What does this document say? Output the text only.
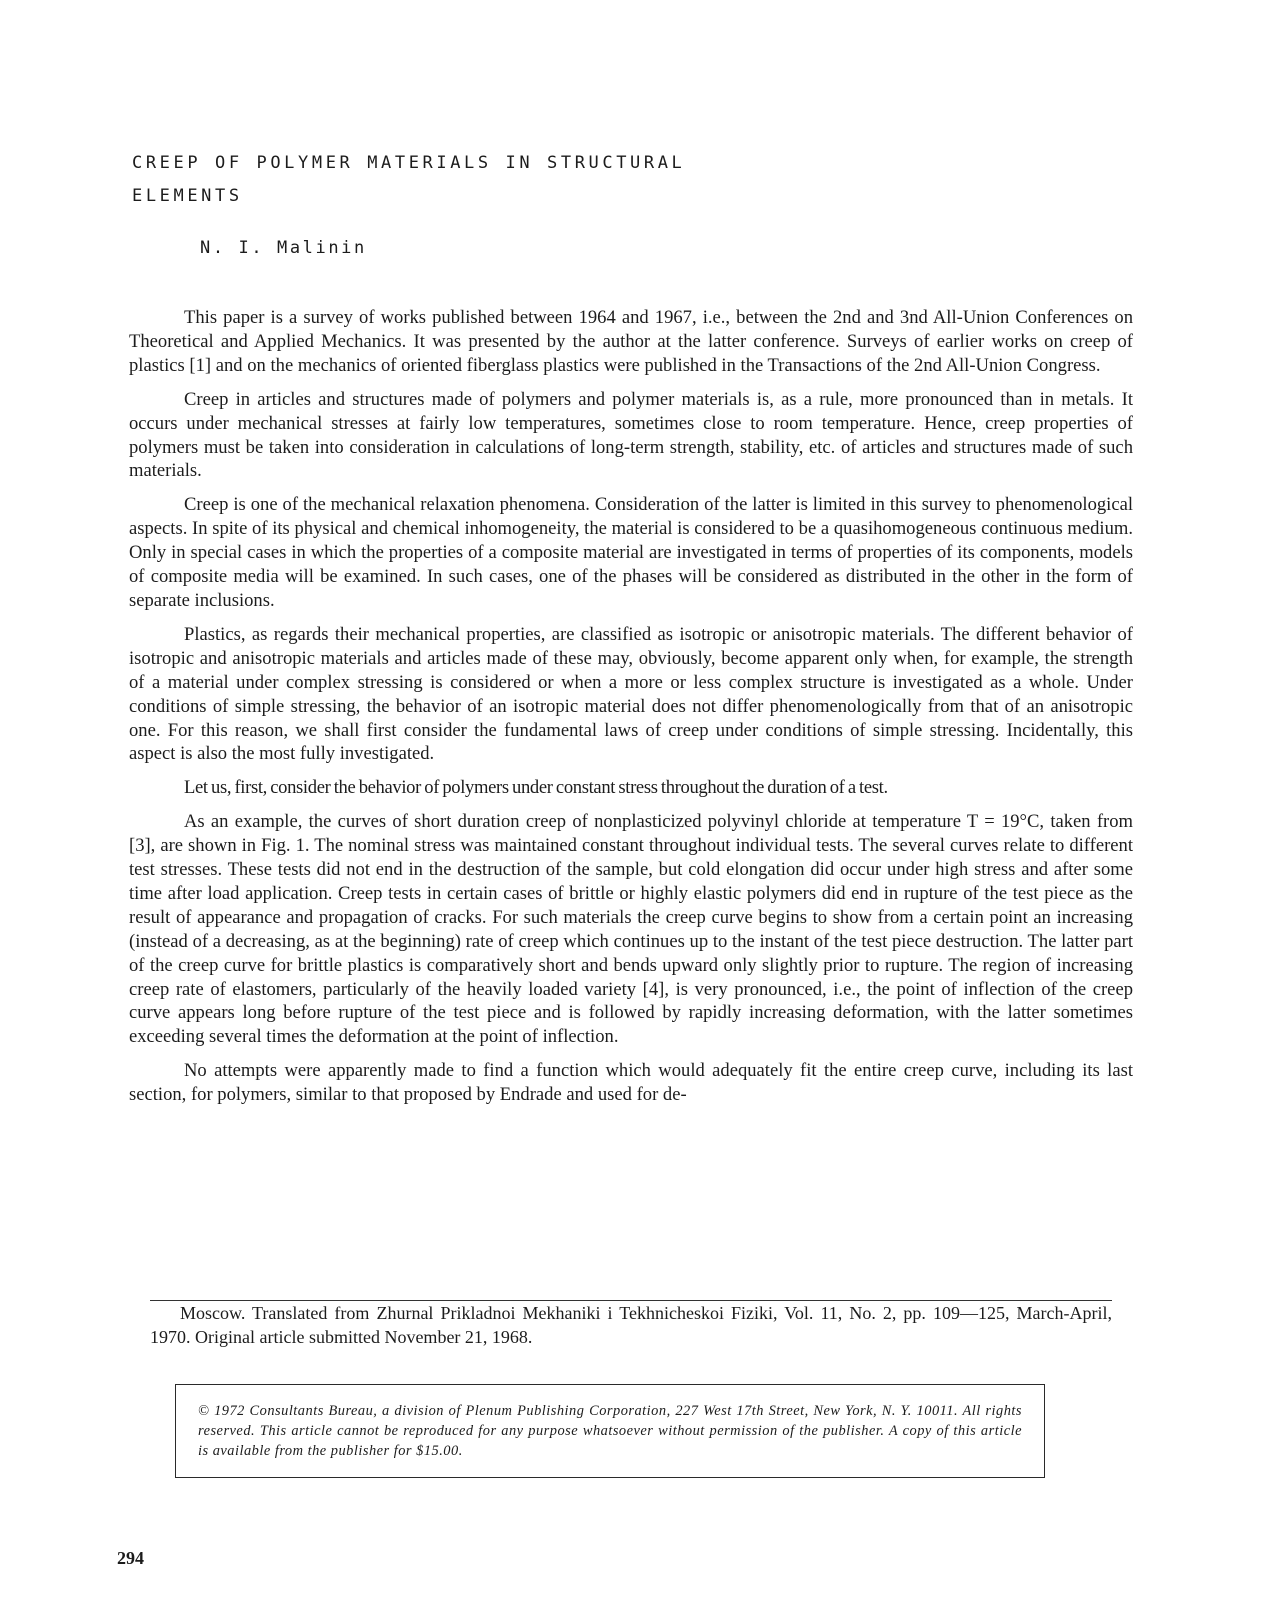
CREEP OF POLYMER MATERIALS IN STRUCTURAL
ELEMENTS
N. I. Malinin

This paper is a survey of works published between 1964 and 1967, i.e., between the 2nd and 3nd All-Union Conferences on Theoretical and Applied Mechanics. It was presented by the author at the latter conference. Surveys of earlier works on creep of plastics [1] and on the mechanics of oriented fiberglass plastics were published in the Transactions of the 2nd All-Union Congress.

Creep in articles and structures made of polymers and polymer materials is, as a rule, more pronounced than in metals. It occurs under mechanical stresses at fairly low temperatures, sometimes close to room temperature. Hence, creep properties of polymers must be taken into consideration in calculations of long-term strength, stability, etc. of articles and structures made of such materials.

Creep is one of the mechanical relaxation phenomena. Consideration of the latter is limited in this survey to phenomenological aspects. In spite of its physical and chemical inhomogeneity, the material is considered to be a quasihomogeneous continuous medium. Only in special cases in which the properties of a composite material are investigated in terms of properties of its components, models of composite media will be examined. In such cases, one of the phases will be considered as distributed in the other in the form of separate inclusions.

Plastics, as regards their mechanical properties, are classified as isotropic or anisotropic materials. The different behavior of isotropic and anisotropic materials and articles made of these may, obviously, become apparent only when, for example, the strength of a material under complex stressing is considered or when a more or less complex structure is investigated as a whole. Under conditions of simple stressing, the behavior of an isotropic material does not differ phenomenologically from that of an anisotropic one. For this reason, we shall first consider the fundamental laws of creep under conditions of simple stressing. Incidentally, this aspect is also the most fully investigated.

Let us, first, consider the behavior of polymers under constant stress throughout the duration of a test.

As an example, the curves of short duration creep of nonplasticized polyvinyl chloride at temperature T = 19°C, taken from [3], are shown in Fig. 1. The nominal stress was maintained constant throughout individual tests. The several curves relate to different test stresses. These tests did not end in the destruction of the sample, but cold elongation did occur under high stress and after some time after load application. Creep tests in certain cases of brittle or highly elastic polymers did end in rupture of the test piece as the result of appearance and propagation of cracks. For such materials the creep curve begins to show from a certain point an increasing (instead of a decreasing, as at the beginning) rate of creep which continues up to the instant of the test piece destruction. The latter part of the creep curve for brittle plastics is comparatively short and bends upward only slightly prior to rupture. The region of increasing creep rate of elastomers, particularly of the heavily loaded variety [4], is very pronounced, i.e., the point of inflection of the creep curve appears long before rupture of the test piece and is followed by rapidly increasing deformation, with the latter sometimes exceeding several times the deformation at the point of inflection.

No attempts were apparently made to find a function which would adequately fit the entire creep curve, including its last section, for polymers, similar to that proposed by Endrade and used for de-

Moscow. Translated from Zhurnal Prikladnoi Mekhaniki i Tekhnicheskoi Fiziki, Vol. 11, No. 2, pp. 109—125, March-April, 1970. Original article submitted November 21, 1968.
© 1972 Consultants Bureau, a division of Plenum Publishing Corporation, 227 West 17th Street, New York, N. Y. 10011. All rights reserved. This article cannot be reproduced for any purpose whatsoever without permission of the publisher. A copy of this article is available from the publisher for $15.00.
294
